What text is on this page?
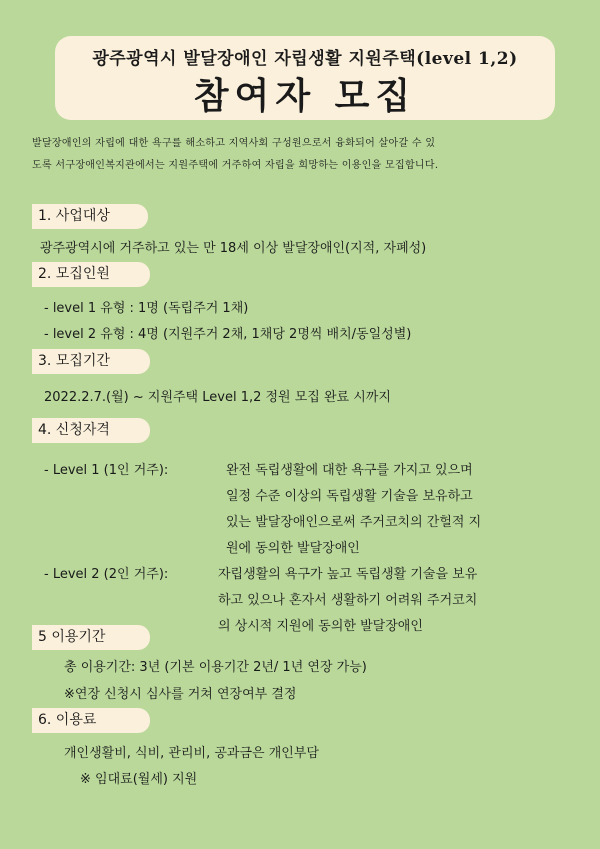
광주광역시 발달장애인 자립생활 지원주택(level 1,2)
참여자 모집
발달장애인의 자립에 대한 욕구를 해소하고 지역사회 구성원으로서 융화되어 살아갈 수 있
도록 서구장애인복지관에서는 지원주택에 거주하여 자립을 희망하는 이용인을 모집합니다.
1. 사업대상
광주광역시에 거주하고 있는 만 18세 이상 발달장애인(지적, 자폐성)
2. 모집인원
- level 1 유형 : 1명 (독립주거 1채)
- level 2 유형 : 4명 (지원주거 2채, 1채당 2명씩 배치/동일성별)
3. 모집기간
2022.2.7.(월) ~ 지원주택 Level 1,2 정원 모집 완료 시까지
4. 신청자격
- Level 1 (1인 거주):	완전 독립생활에 대한 욕구를 가지고 있으며
일정 수준 이상의 독립생활 기술을 보유하고
있는 발달장애인으로써 주거코치의 간헐적 지
원에 동의한 발달장애인
- Level 2 (2인 거주):	자립생활의 욕구가 높고 독립생활 기술을 보유
하고 있으나 혼자서 생활하기 어려워 주거코치
의 상시적 지원에 동의한 발달장애인
5 이용기간
총 이용기간: 3년 (기본 이용기간 2년/ 1년 연장 가능)
※연장 신청시 심사를 거쳐 연장여부 결정
6. 이용료
개인생활비, 식비, 관리비, 공과금은 개인부담
※ 임대료(월세) 지원
